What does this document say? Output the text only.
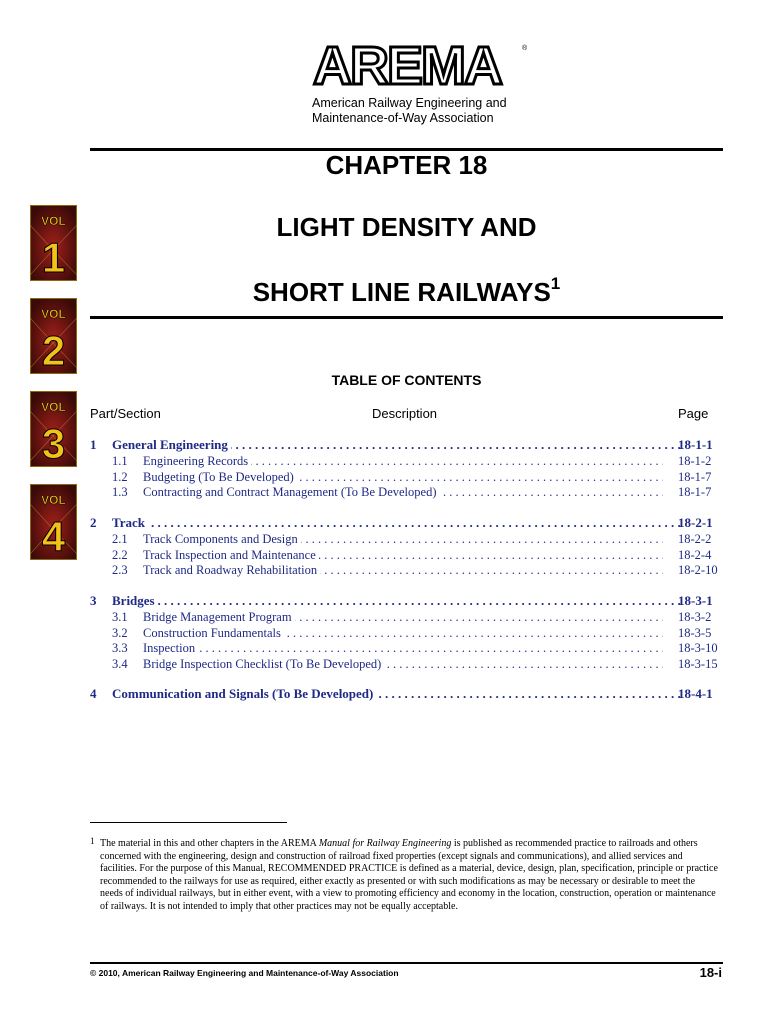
AREMA	®
American Railway Engineering and
Maintenance-of-Way Association
CHAPTER 18
LIGHT DENSITY AND
SHORT LINE RAILWAYS$^1$
VOL
1
VOL
2
VOL
3
VOL
4
TABLE OF CONTENTS
Part/Section	Description	Page
1 General Engineering . . .	18-1-1
1.1 Engineering Records . . .	18-1-2
1.2 Budgeting (To Be Developed) . . .	18-1-7
1.3 Contracting and Contract Management (To Be Developed) . . .	18-1-7
2 Track . . .	18-2-1
2.1 Track Components and Design . . .	18-2-2
2.2 Track Inspection and Maintenance . . .	18-2-4
2.3 Track and Roadway Rehabilitation . . .	18-2-10
3 Bridges . . .	18-3-1
3.1 Bridge Management Program . . .	18-3-2
3.2 Construction Fundamentals . . .	18-3-5
3.3 Inspection . . .	18-3-10
3.4 Bridge Inspection Checklist (To Be Developed) . . .	18-3-15
4 Communication and Signals (To Be Developed) . . .	18-4-1
1 The material in this and other chapters in the AREMA Manual for Railway Engineering is published as recommended practice to railroads and others concerned with the engineering, design and construction of railroad fixed properties (except signals and communications), and allied services and facilities. For the purpose of this Manual, RECOMMENDED PRACTICE is defined as a material, device, design, plan, specification, principle or practice recommended to the railways for use as required, either exactly as presented or with such modifications as may be necessary or desirable to meet the needs of individual railways, but in either event, with a view to promoting efficiency and economy in the location, construction, operation or maintenance of railways. It is not intended to imply that other practices may not be equally acceptable.
© 2010, American Railway Engineering and Maintenance-of-Way Association	18-i
